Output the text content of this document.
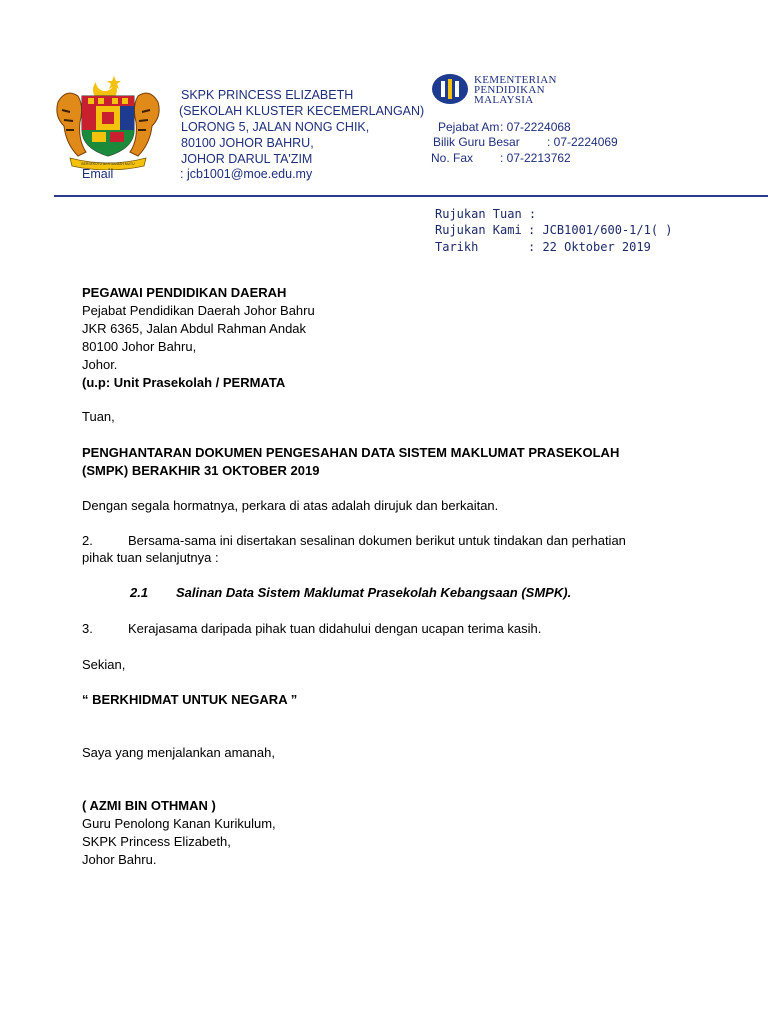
BERSEKUTU BERTAMBAH MUTU
SKPK PRINCESS ELIZABETH
(SEKOLAH KLUSTER KECEMERLANGAN)
LORONG 5, JALAN NONG CHIK,
80100 JOHOR BAHRU,
JOHOR DARUL TA'ZIM
Email	: jcb1001@moe.edu.my
KEMENTERIAN
PENDIDIKAN
MALAYSIA
Pejabat Am : 07-2224068
Bilik Guru Besar : 07-2224069
No. Fax : 07-2213762
Rujukan Tuan :
Rujukan Kami : JCB1001/600-1/1( )
Tarikh	: 22 Oktober 2019
PEGAWAI PENDIDIKAN DAERAH
Pejabat Pendidikan Daerah Johor Bahru
JKR 6365, Jalan Abdul Rahman Andak
80100 Johor Bahru,
Johor.
(u.p: Unit Prasekolah / PERMATA
Tuan,
PENGHANTARAN DOKUMEN PENGESAHAN DATA SISTEM MAKLUMAT PRASEKOLAH
(SMPK) BERAKHIR 31 OKTOBER 2019
Dengan segala hormatnya, perkara di atas adalah dirujuk dan berkaitan.
2.	Bersama-sama ini disertakan sesalinan dokumen berikut untuk tindakan dan perhatian
pihak tuan selanjutnya :
2.1 Salinan Data Sistem Maklumat Prasekolah Kebangsaan (SMPK).
3.	Kerajasama daripada pihak tuan didahului dengan ucapan terima kasih.
Sekian,
“ BERKHIDMAT UNTUK NEGARA ”
Saya yang menjalankan amanah,
( AZMI BIN OTHMAN )
Guru Penolong Kanan Kurikulum,
SKPK Princess Elizabeth,
Johor Bahru.
